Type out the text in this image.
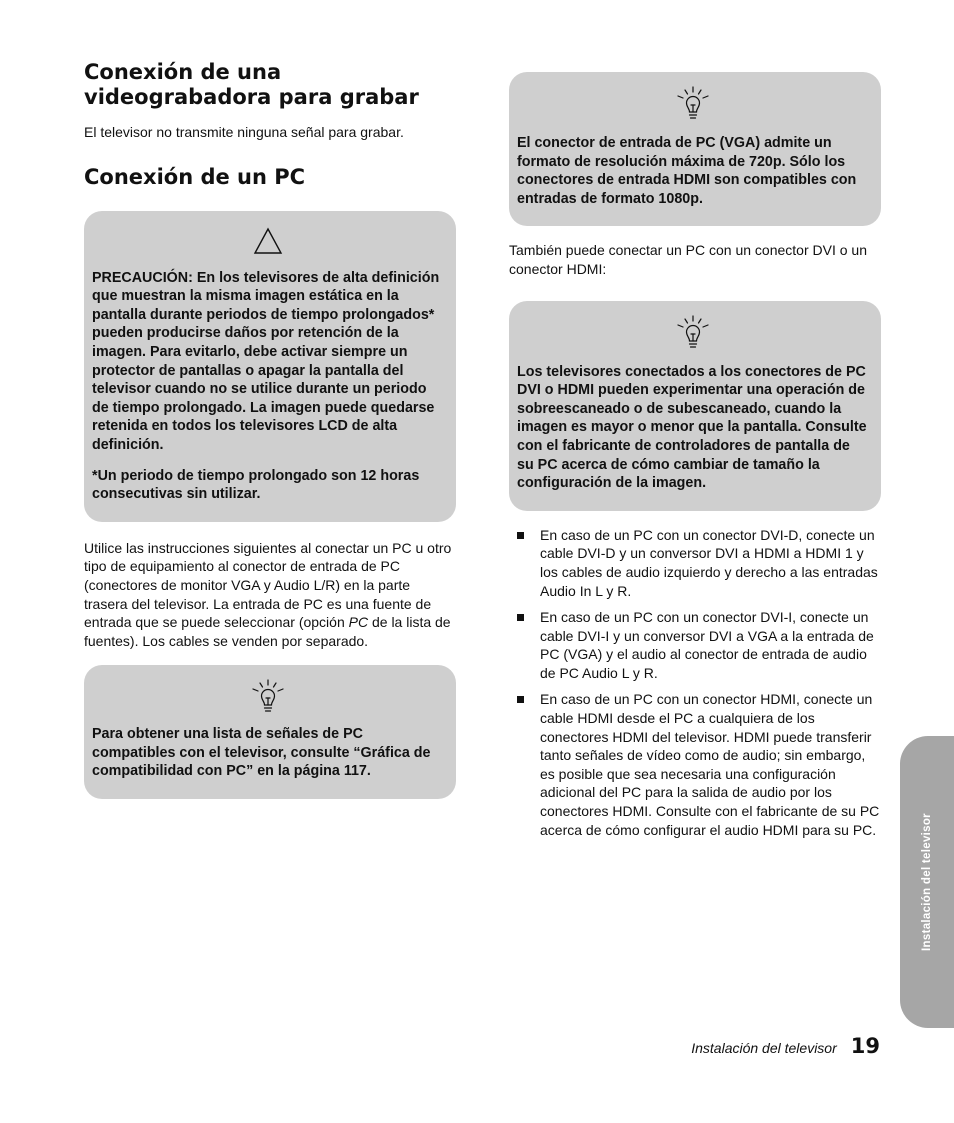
Conexión de una videograbadora para grabar

El televisor no transmite ninguna señal para grabar.

Conexión de un PC

PRECAUCIÓN: En los televisores de alta definición que muestran la misma imagen estática en la pantalla durante periodos de tiempo prolongados* pueden producirse daños por retención de la imagen. Para evitarlo, debe activar siempre un protector de pantallas o apagar la pantalla del televisor cuando no se utilice durante un periodo de tiempo prolongado. La imagen puede quedarse retenida en todos los televisores LCD de alta definición.

*Un periodo de tiempo prolongado son 12 horas consecutivas sin utilizar.

Utilice las instrucciones siguientes al conectar un PC u otro tipo de equipamiento al conector de entrada de PC (conectores de monitor VGA y Audio L/R) en la parte trasera del televisor. La entrada de PC es una fuente de entrada que se puede seleccionar (opción PC de la lista de fuentes). Los cables se venden por separado.

Para obtener una lista de señales de PC compatibles con el televisor, consulte “Gráfica de compatibilidad con PC” en la página 117.

El conector de entrada de PC (VGA) admite un formato de resolución máxima de 720p. Sólo los conectores de entrada HDMI son compatibles con entradas de formato 1080p.

También puede conectar un PC con un conector DVI o un conector HDMI:

Los televisores conectados a los conectores de PC DVI o HDMI pueden experimentar una operación de sobreescaneado o de subescaneado, cuando la imagen es mayor o menor que la pantalla. Consulte con el fabricante de controladores de pantalla de su PC acerca de cómo cambiar de tamaño la configuración de la imagen.

En caso de un PC con un conector DVI-D, conecte un cable DVI-D y un conversor DVI a HDMI a HDMI 1 y los cables de audio izquierdo y derecho a las entradas Audio In L y R.
En caso de un PC con un conector DVI-I, conecte un cable DVI-I y un conversor DVI a VGA a la entrada de PC (VGA) y el audio al conector de entrada de audio de PC Audio L y R.
En caso de un PC con un conector HDMI, conecte un cable HDMI desde el PC a cualquiera de los conectores HDMI del televisor. HDMI puede transferir tanto señales de vídeo como de audio; sin embargo, es posible que sea necesaria una configuración adicional del PC para la salida de audio por los conectores HDMI. Consulte con el fabricante de su PC acerca de cómo configurar el audio HDMI para su PC.	Instalación del televisor
Instalación del televisor 19
